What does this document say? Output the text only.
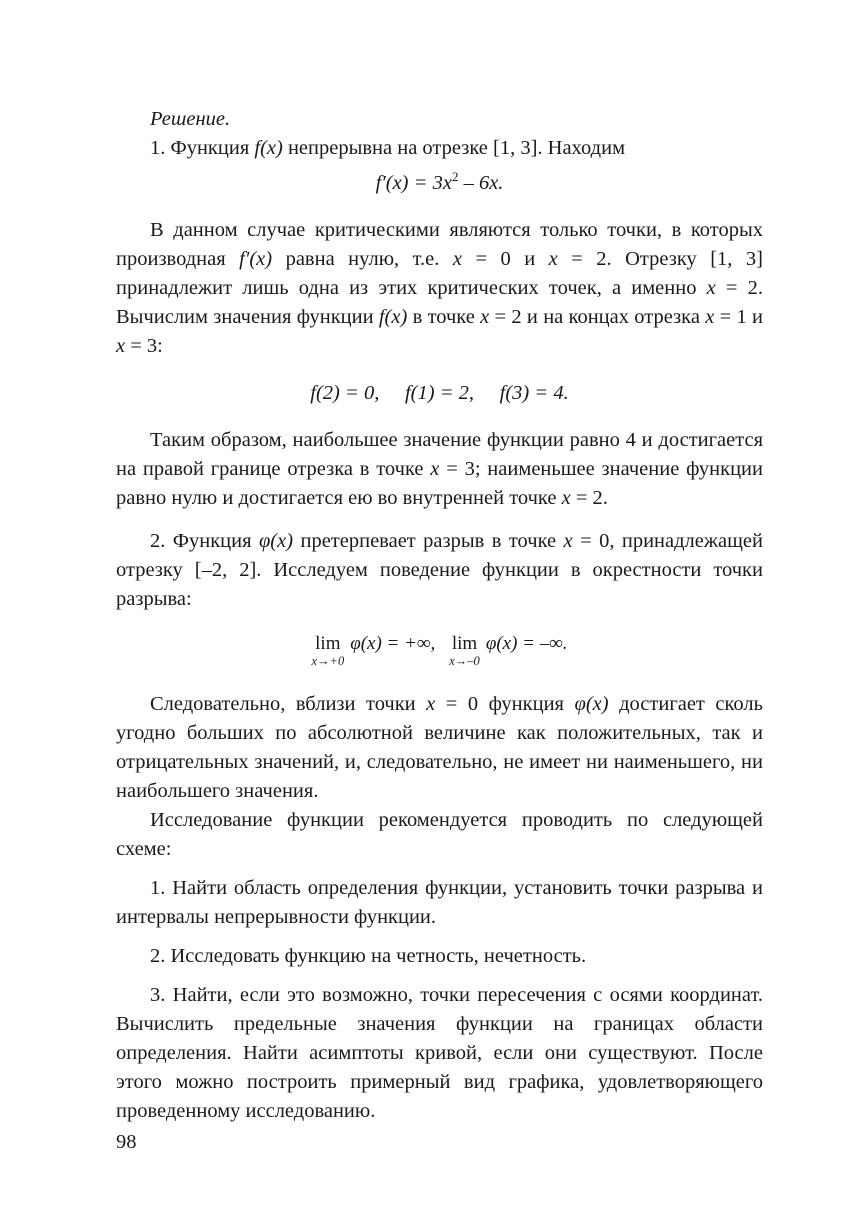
Решение.

1. Функция f(x) непрерывна на отрезке [1, 3]. Находим

$f'(x) = 3x^2 - 6x$.

В данном случае критическими являются только точки, в которых производная f′(x) равна нулю, т.е. x = 0 и x = 2. Отрезку [1, 3] принадлежит лишь одна из этих критических точек, а именно x = 2. Вычислим значения функции f(x) в точке x = 2 и на концах отрезка x = 1 и x = 3:

f(2) = 0, f(1) = 2, f(3) = 4.

Таким образом, наибольшее значение функции равно 4 и достигается на правой границе отрезка в точке x = 3; наименьшее значение функции равно нулю и достигается ею во внутренней точке x = 2.

2. Функция φ(x) претерпевает разрыв в точке x = 0, принадлежащей отрезку [–2, 2]. Исследуем поведение функции в окрестности точки разрыва:

lim
x→+0
φ(x) = +∞, lim
x→–0
φ(x) = –∞.

Следовательно, вблизи точки x = 0 функция φ(x) достигает сколь угодно больших по абсолютной величине как положительных, так и отрицательных значений, и, следовательно, не имеет ни наименьшего, ни наибольшего значения.

Исследование функции рекомендуется проводить по следующей схеме:

1. Найти область определения функции, установить точки разрыва и интервалы непрерывности функции.

2. Исследовать функцию на четность, нечетность.

3. Найти, если это возможно, точки пересечения с осями координат. Вычислить предельные значения функции на границах области определения. Найти асимптоты кривой, если они существуют. После этого можно построить примерный вид графика, удовлетворяющего проведенному исследованию.

98
